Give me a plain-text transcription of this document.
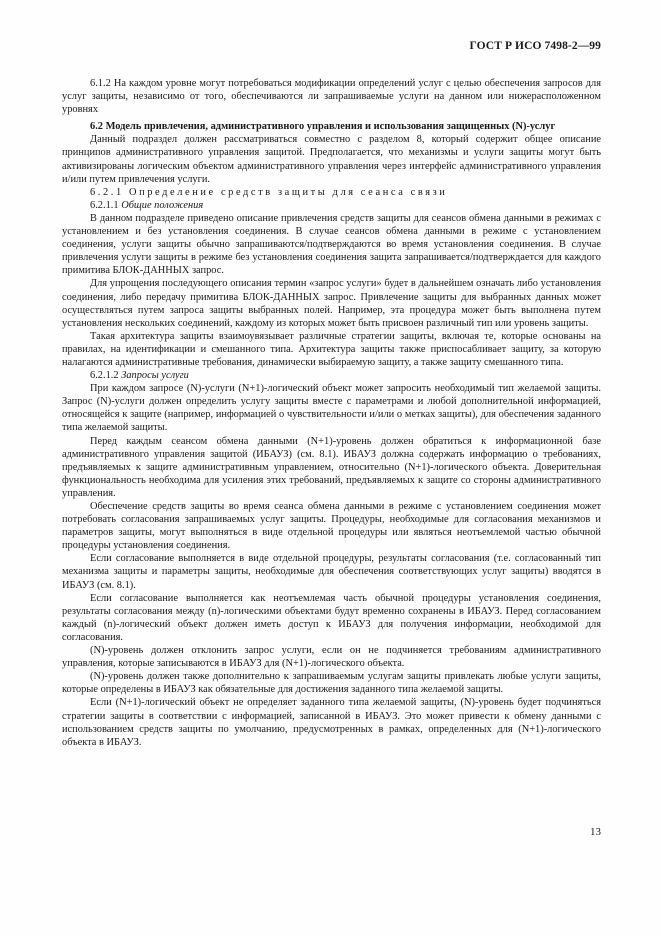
ГОСТ Р ИСО 7498-2—99

6.1.2 На каждом уровне могут потребоваться модификации определений услуг с целью обеспечения запросов для услуг защиты, независимо от того, обеспечиваются ли запрашиваемые услуги на данном или нижерасположенном уровнях

6.2 Модель привлечения, административного управления и использования защищенных (N)-услуг

Данный подраздел должен рассматриваться совместно с разделом 8, который содержит общее описание принципов административного управления защитой. Предполагается, что механизмы и услуги защиты могут быть активизированы логическим объектом административного управления через интерфейс административного управления и/или путем привлечения услуги.

6.2.1 Определение средств защиты для сеанса связи

6.2.1.1 Общие положения

В данном подразделе приведено описание привлечения средств защиты для сеансов обмена данными в режимах с установлением и без установления соединения. В случае сеансов обмена данными в режиме с установлением соединения, услуги защиты обычно запрашиваются/подтверждаются во время установления соединения. В случае привлечения услуги защиты в режиме без установления соединения защита запрашивается/подтверждается для каждого примитива БЛОК-ДАННЫХ запрос.

Для упрощения последующего описания термин «запрос услуги» будет в дальнейшем означать либо установления соединения, либо передачу примитива БЛОК-ДАННЫХ запрос. Привлечение защиты для выбранных данных может осуществляться путем запроса защиты выбранных полей. Например, эта процедура может быть выполнена путем установления нескольких соединений, каждому из которых может быть присвоен различный тип или уровень защиты.

Такая архитектура защиты взаимоувязывает различные стратегии защиты, включая те, которые основаны на правилах, на идентификации и смешанного типа. Архитектура защиты также приспосабливает защиту, за которую налагаются административные требования, динамически выбираемую защиту, а также защиту смешанного типа.

6.2.1.2 Запросы услуги

При каждом запросе (N)-услуги (N+1)-логический объект может запросить необходимый тип желаемой защиты. Запрос (N)-услуги должен определить услугу защиты вместе с параметрами и любой дополнительной информацией, относящейся к защите (например, информацией о чувствительности и/или о метках защиты), для обеспечения заданного типа желаемой защиты.

Перед каждым сеансом обмена данными (N+1)-уровень должен обратиться к информационной базе административного управления защитой (ИБАУЗ) (см. 8.1). ИБАУЗ должна содержать информацию о требованиях, предъявляемых к защите административным управлением, относительно (N+1)-логического объекта. Доверительная функциональность необходима для усиления этих требований, предъявляемых к защите со стороны административного управления.

Обеспечение средств защиты во время сеанса обмена данными в режиме с установлением соединения может потребовать согласования запрашиваемых услуг защиты. Процедуры, необходимые для согласования механизмов и параметров защиты, могут выполняться в виде отдельной процедуры или являться неотъемлемой частью обычной процедуры установления соединения.

Если согласование выполняется в виде отдельной процедуры, результаты согласования (т.е. согласованный тип механизма защиты и параметры защиты, необходимые для обеспечения соответствующих услуг защиты) вводятся в ИБАУЗ (см. 8.1).

Если согласование выполняется как неотъемлемая часть обычной процедуры установления соединения, результаты согласования между (n)-логическими объектами будут временно сохранены в ИБАУЗ. Перед согласованием каждый (n)-логический объект должен иметь доступ к ИБАУЗ для получения информации, необходимой для согласования.

(N)-уровень должен отклонить запрос услуги, если он не подчиняется требованиям административного управления, которые записываются в ИБАУЗ для (N+1)-логического объекта.

(N)-уровень должен также дополнительно к запрашиваемым услугам защиты привлекать любые услуги защиты, которые определены в ИБАУЗ как обязательные для достижения заданного типа желаемой защиты.

Если (N+1)-логический объект не определяет заданного типа желаемой защиты, (N)-уровень будет подчиняться стратегии защиты в соответствии с информацией, записанной в ИБАУЗ. Это может привести к обмену данными с использованием средств защиты по умолчанию, предусмотренных в рамках, определенных для (N+1)-логического объекта в ИБАУЗ.

13
